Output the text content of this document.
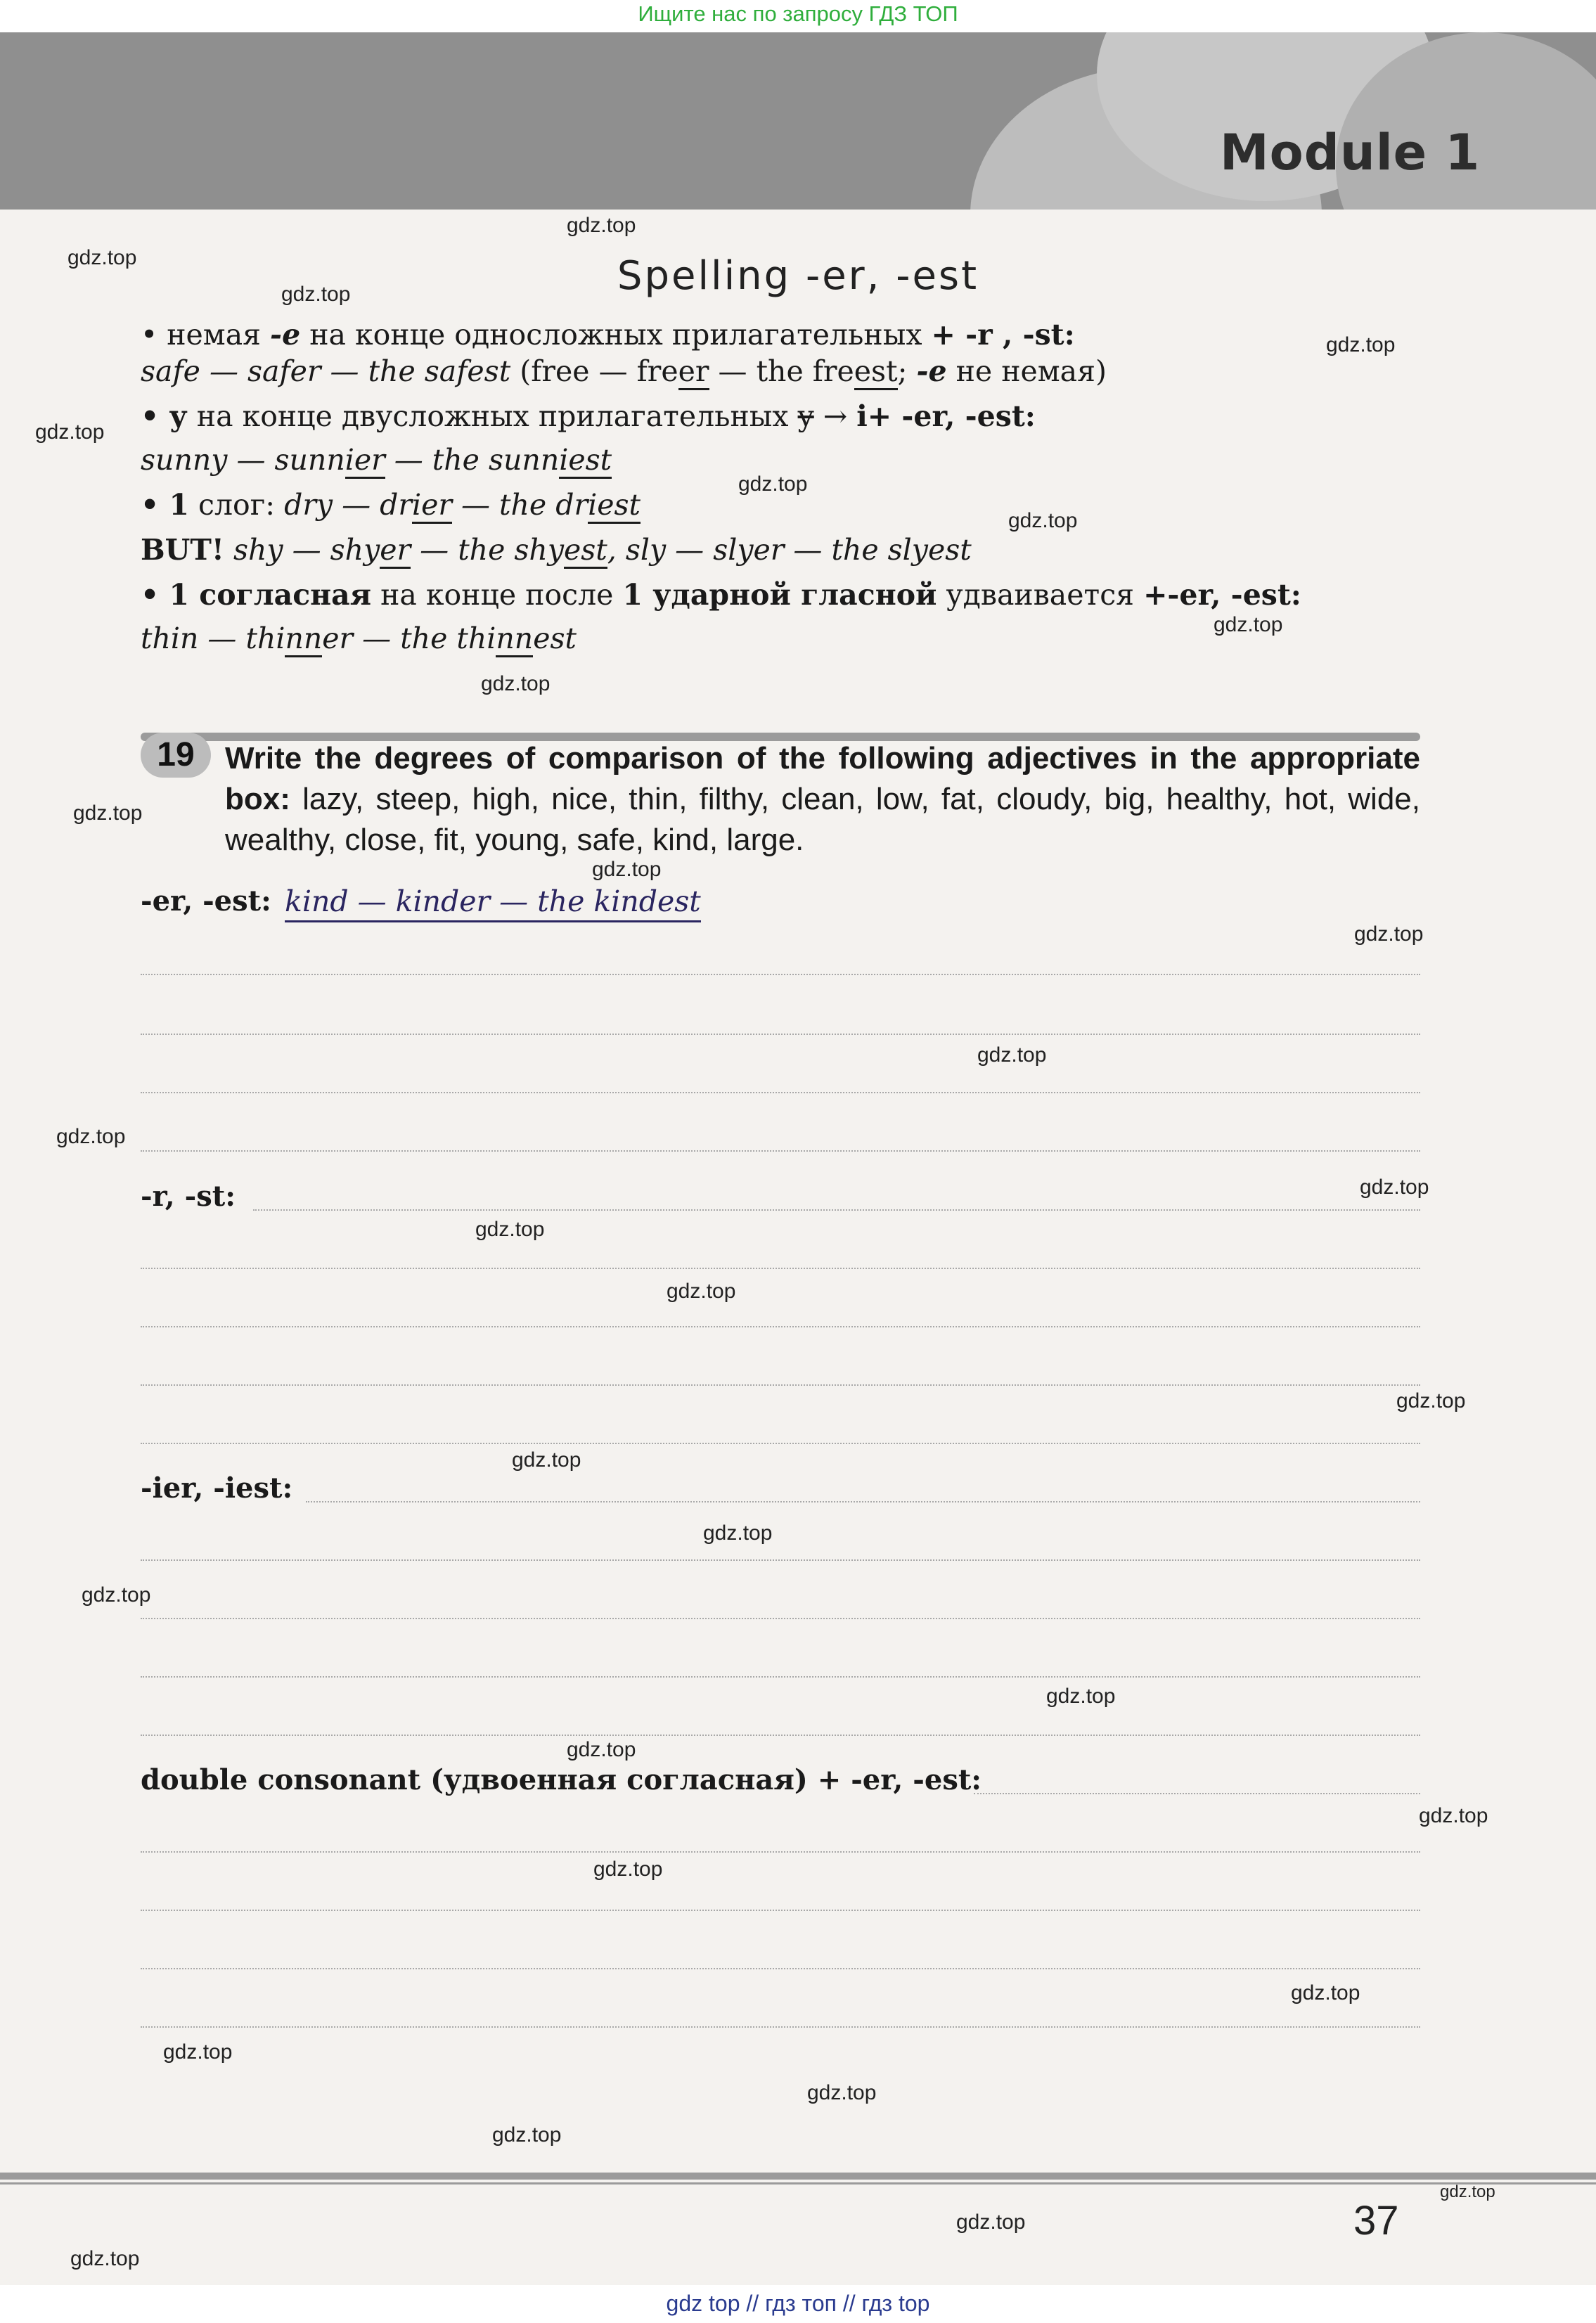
Ищите нас по запросу ГДЗ ТОП
Module 1
Spelling -er, -est
• немая -e на конце односложных прилагательных + -r , -st:
safe — safer — the safest (free — freer — the freest; -e не немая)
• у на конце двусложных прилагательных y → i+ -er, -est:
sunny — sunnier — the sunniest
• 1 слог: dry — drier — the driest
BUT! shy — shyer — the shyest, sly — slyer — the slyest
• 1 согласная на конце после 1 ударной гласной удваивается +-er, -est:
thin — thinner — the thinnest
19 Write the degrees of comparison of the following adjectives in the appropriate box: lazy, steep, high, nice, thin, filthy, clean, low, fat, cloudy, big, healthy, hot, wide, wealthy, close, fit, young, safe, kind, large.
-er, -est: kind — kinder — the kindest
-r, -st:
-ier, -iest:
double consonant (удвоенная согласная) + -er, -est:
37
gdz.top
gdz.top
gdz.top
gdz.top
gdz.top
gdz.top
gdz.top
gdz.top
gdz.top
gdz.top
gdz.top
gdz.top
gdz.top
gdz.top
gdz.top
gdz.top
gdz.top
gdz.top
gdz.top
gdz.top
gdz.top
gdz.top
gdz.top
gdz.top
gdz.top
gdz.top
gdz.top
gdz.top
gdz.top
gdz.top
gdz.top
gdz.top
gdz top // гдз топ // гдз top
